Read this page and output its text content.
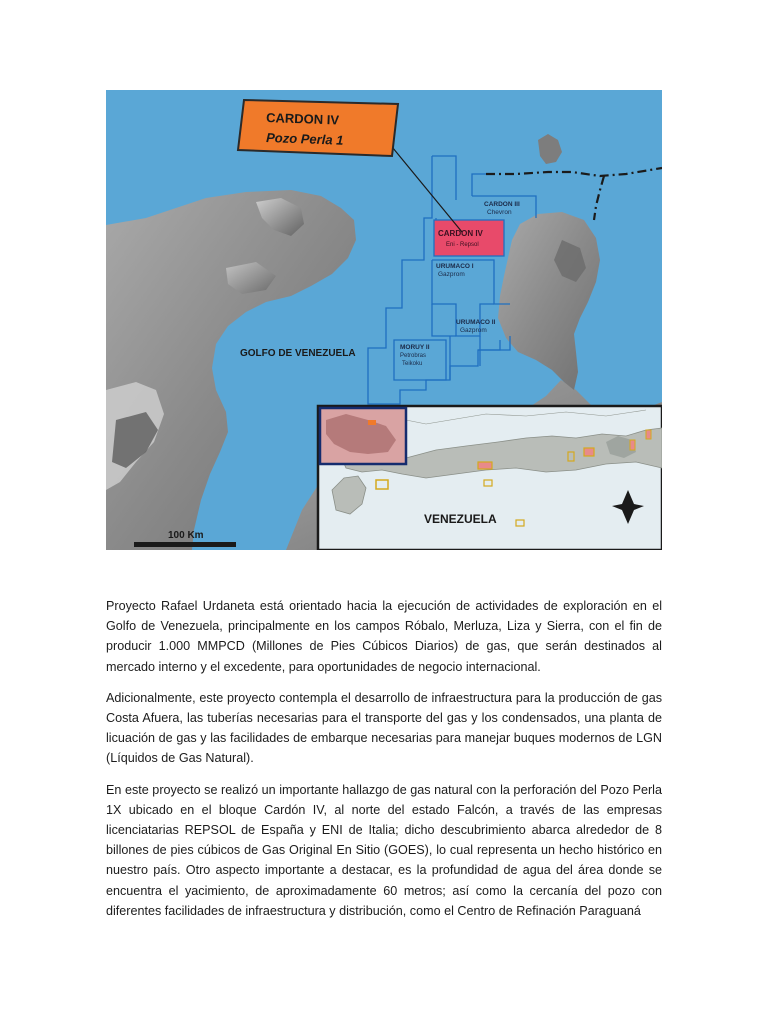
CARDON IV
Pozo Perla 1
CARDON III
Chevron
CARDON IV
Eni - Repsol
URUMACO I
Gazprom
URUMACO II
Gazprom
MORUY II
Petrobras
Teikoku
GOLFO DE VENEZUELA
100 Km
VENEZUELA

Proyecto Rafael Urdaneta está orientado hacia la ejecución de actividades de exploración en el Golfo de Venezuela, principalmente en los campos Róbalo, Merluza, Liza y Sierra, con el fin de producir 1.000 MMPCD (Millones de Pies Cúbicos Diarios) de gas, que serán destinados al mercado interno y el excedente, para oportunidades de negocio internacional.

Adicionalmente, este proyecto contempla el desarrollo de infraestructura para la producción de gas Costa Afuera, las tuberías necesarias para el transporte del gas y los condensados, una planta de licuación de gas y las facilidades de embarque necesarias para manejar buques modernos de LGN (Líquidos de Gas Natural).

En este proyecto se realizó un importante hallazgo de gas natural con la perforación del Pozo Perla 1X ubicado en el bloque Cardón IV, al norte del estado Falcón, a través de las empresas licenciatarias REPSOL de España y ENI de Italia; dicho descubrimiento abarca alrededor de 8 billones de pies cúbicos de Gas Original En Sitio (GOES), lo cual representa un hecho histórico en nuestro país. Otro aspecto importante a destacar, es la profundidad de agua del área donde se encuentra el yacimiento, de aproximadamente 60 metros; así como la cercanía del pozo con diferentes facilidades de infraestructura y distribución, como el Centro de Refinación Paraguaná
